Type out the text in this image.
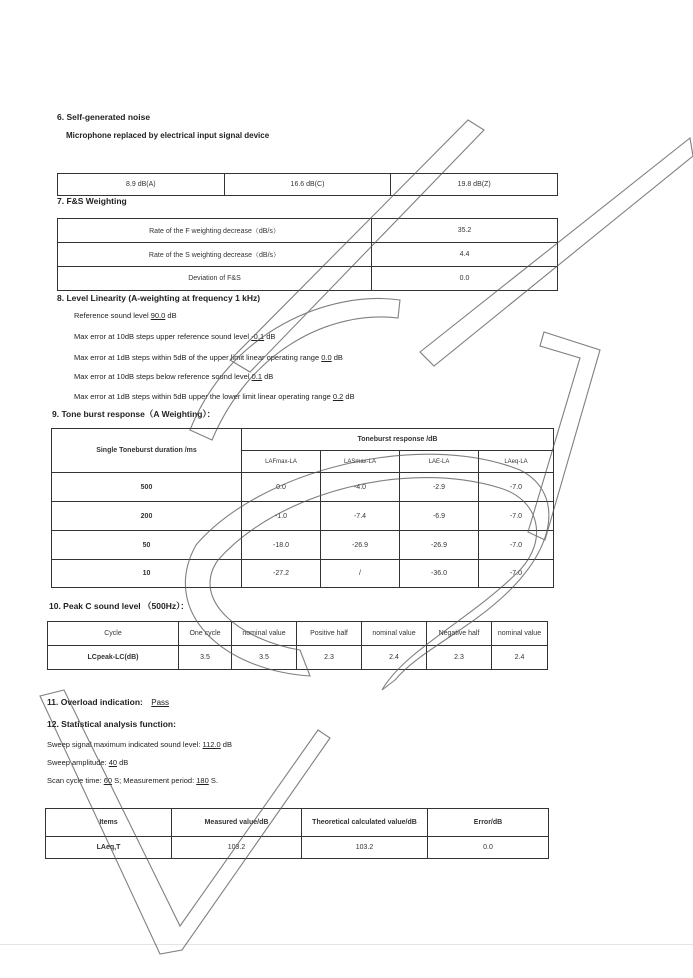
6. Self-generated noise
Microphone replaced by electrical input signal device
8.9 dB(A)	16.6 dB(C)	19.8 dB(Z)
7. F&S Weighting
Rate of the F weighting decrease（dB/s）	35.2
Rate of the S weighting decrease（dB/s）	4.4
Deviation of F&S	0.0
8. Level Linearity (A-weighting at frequency 1 kHz)
Reference sound level 90.0 dB
Max error at 10dB steps upper reference sound level -0.1 dB
Max error at 1dB steps within 5dB of the upper limit linear operating range 0.0 dB
Max error at 10dB steps below reference sound level 0.1 dB
Max error at 1dB steps within 5dB upper the lower limit linear operating range 0.2 dB
9. Tone burst response（A Weighting）：
Single Toneburst duration /ms	Toneburst response /dB			
	LAFmax-LA	LASmax-LA	LAE-LA	LAeq-LA
500	0.0	-4.0	-2.9	-7.0
200	-1.0	-7.4	-6.9	-7.0
50	-18.0	-26.9	-26.9	-7.0
10	-27.2	/	-36.0	-7.0
10. Peak C sound level （500Hz）：
Cycle	One cycle	nominal value	Positive half	nominal value	Negative half	nominal value
LCpeak-LC(dB)	3.5	3.5	2.3	2.4	2.3	2.4
11. Overload indication: Pass
12. Statistical analysis function:
Sweep signal maximum indicated sound level: 112.0 dB
Sweep amplitude: 40 dB
Scan cycle time: 60 S; Measurement period: 180 S.
Items	Measured value/dB	Theoretical calculated value/dB	Error/dB
LAeq,T	103.2	103.2	0.0
